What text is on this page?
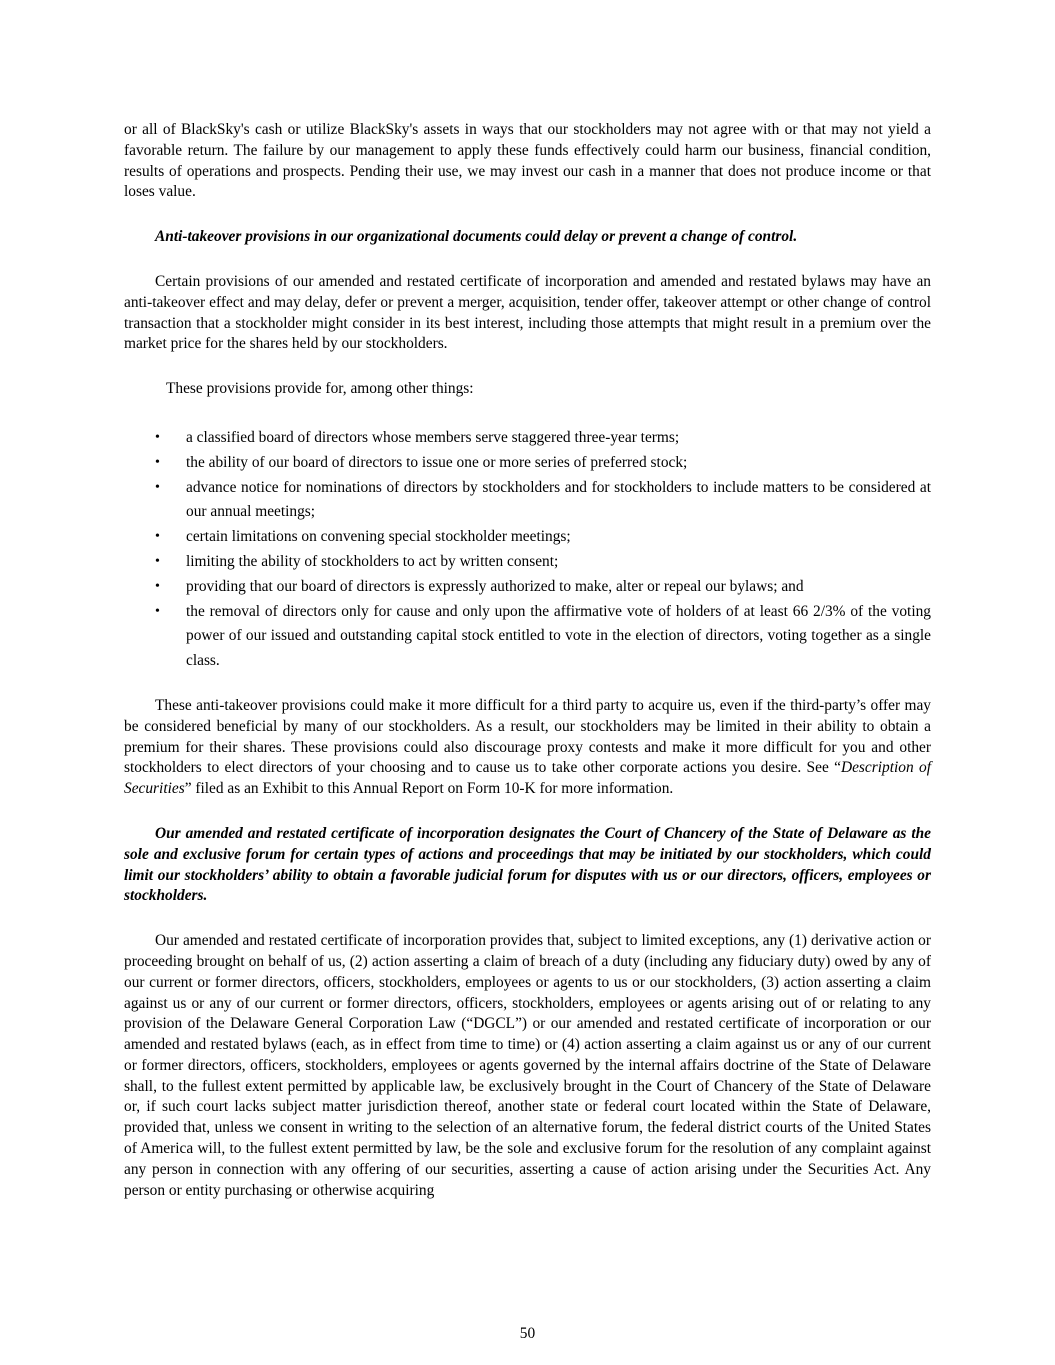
or all of BlackSky's cash or utilize BlackSky's assets in ways that our stockholders may not agree with or that may not yield a favorable return. The failure by our management to apply these funds effectively could harm our business, financial condition, results of operations and prospects. Pending their use, we may invest our cash in a manner that does not produce income or that loses value.

Anti-takeover provisions in our organizational documents could delay or prevent a change of control.

Certain provisions of our amended and restated certificate of incorporation and amended and restated bylaws may have an anti-takeover effect and may delay, defer or prevent a merger, acquisition, tender offer, takeover attempt or other change of control transaction that a stockholder might consider in its best interest, including those attempts that might result in a premium over the market price for the shares held by our stockholders.

These provisions provide for, among other things:

• a classified board of directors whose members serve staggered three-year terms;
• the ability of our board of directors to issue one or more series of preferred stock;
• advance notice for nominations of directors by stockholders and for stockholders to include matters to be considered at our annual meetings;
• certain limitations on convening special stockholder meetings;
• limiting the ability of stockholders to act by written consent;
• providing that our board of directors is expressly authorized to make, alter or repeal our bylaws; and
• the removal of directors only for cause and only upon the affirmative vote of holders of at least 66 2/3% of the voting power of our issued and outstanding capital stock entitled to vote in the election of directors, voting together as a single class.

These anti-takeover provisions could make it more difficult for a third party to acquire us, even if the third-party’s offer may be considered beneficial by many of our stockholders. As a result, our stockholders may be limited in their ability to obtain a premium for their shares. These provisions could also discourage proxy contests and make it more difficult for you and other stockholders to elect directors of your choosing and to cause us to take other corporate actions you desire. See “Description of Securities” filed as an Exhibit to this Annual Report on Form 10-K for more information.

Our amended and restated certificate of incorporation designates the Court of Chancery of the State of Delaware as the sole and exclusive forum for certain types of actions and proceedings that may be initiated by our stockholders, which could limit our stockholders’ ability to obtain a favorable judicial forum for disputes with us or our directors, officers, employees or stockholders.

Our amended and restated certificate of incorporation provides that, subject to limited exceptions, any (1) derivative action or proceeding brought on behalf of us, (2) action asserting a claim of breach of a duty (including any fiduciary duty) owed by any of our current or former directors, officers, stockholders, employees or agents to us or our stockholders, (3) action asserting a claim against us or any of our current or former directors, officers, stockholders, employees or agents arising out of or relating to any provision of the Delaware General Corporation Law (“DGCL”) or our amended and restated certificate of incorporation or our amended and restated bylaws (each, as in effect from time to time) or (4) action asserting a claim against us or any of our current or former directors, officers, stockholders, employees or agents governed by the internal affairs doctrine of the State of Delaware shall, to the fullest extent permitted by applicable law, be exclusively brought in the Court of Chancery of the State of Delaware or, if such court lacks subject matter jurisdiction thereof, another state or federal court located within the State of Delaware, provided that, unless we consent in writing to the selection of an alternative forum, the federal district courts of the United States of America will, to the fullest extent permitted by law, be the sole and exclusive forum for the resolution of any complaint against any person in connection with any offering of our securities, asserting a cause of action arising under the Securities Act. Any person or entity purchasing or otherwise acquiring

50
